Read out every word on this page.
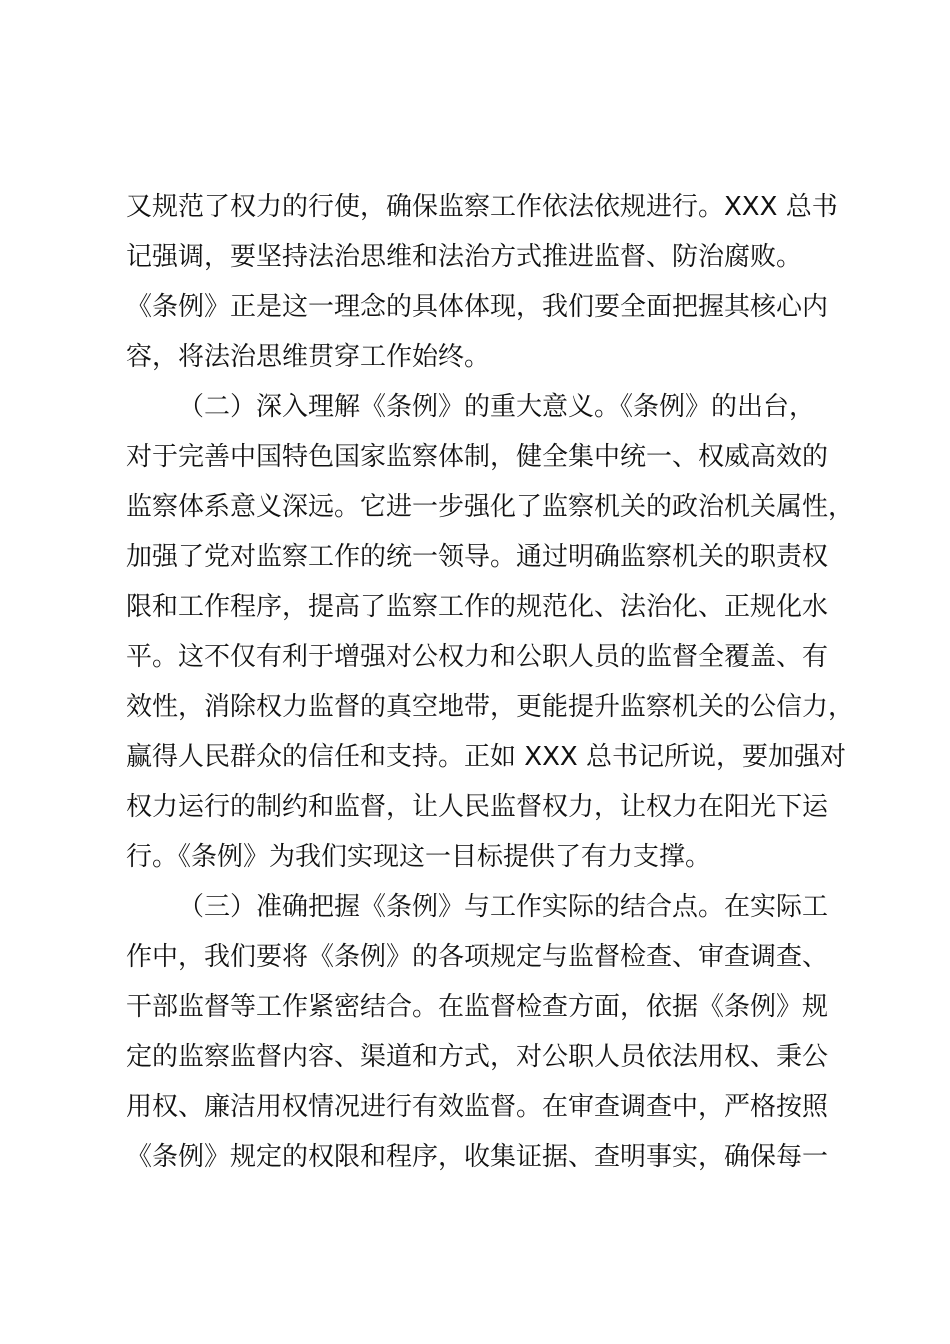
又规范了权力的行使，确保监察工作依法依规进行。XXX 总书
记强调，要坚持法治思维和法治方式推进监督、防治腐败。
《条例》正是这一理念的具体体现，我们要全面把握其核心内
容，将法治思维贯穿工作始终。
（二）深入理解《条例》的重大意义。《条例》的出台，
对于完善中国特色国家监察体制，健全集中统一、权威高效的
监察体系意义深远。它进一步强化了监察机关的政治机关属性，
加强了党对监察工作的统一领导。通过明确监察机关的职责权
限和工作程序，提高了监察工作的规范化、法治化、正规化水
平。这不仅有利于增强对公权力和公职人员的监督全覆盖、有
效性，消除权力监督的真空地带，更能提升监察机关的公信力，
赢得人民群众的信任和支持。正如 XXX 总书记所说，要加强对
权力运行的制约和监督，让人民监督权力，让权力在阳光下运
行。《条例》为我们实现这一目标提供了有力支撑。
（三）准确把握《条例》与工作实际的结合点。在实际工
作中，我们要将《条例》的各项规定与监督检查、审查调查、
干部监督等工作紧密结合。在监督检查方面，依据《条例》规
定的监察监督内容、渠道和方式，对公职人员依法用权、秉公
用权、廉洁用权情况进行有效监督。在审查调查中，严格按照
《条例》规定的权限和程序，收集证据、查明事实，确保每一
